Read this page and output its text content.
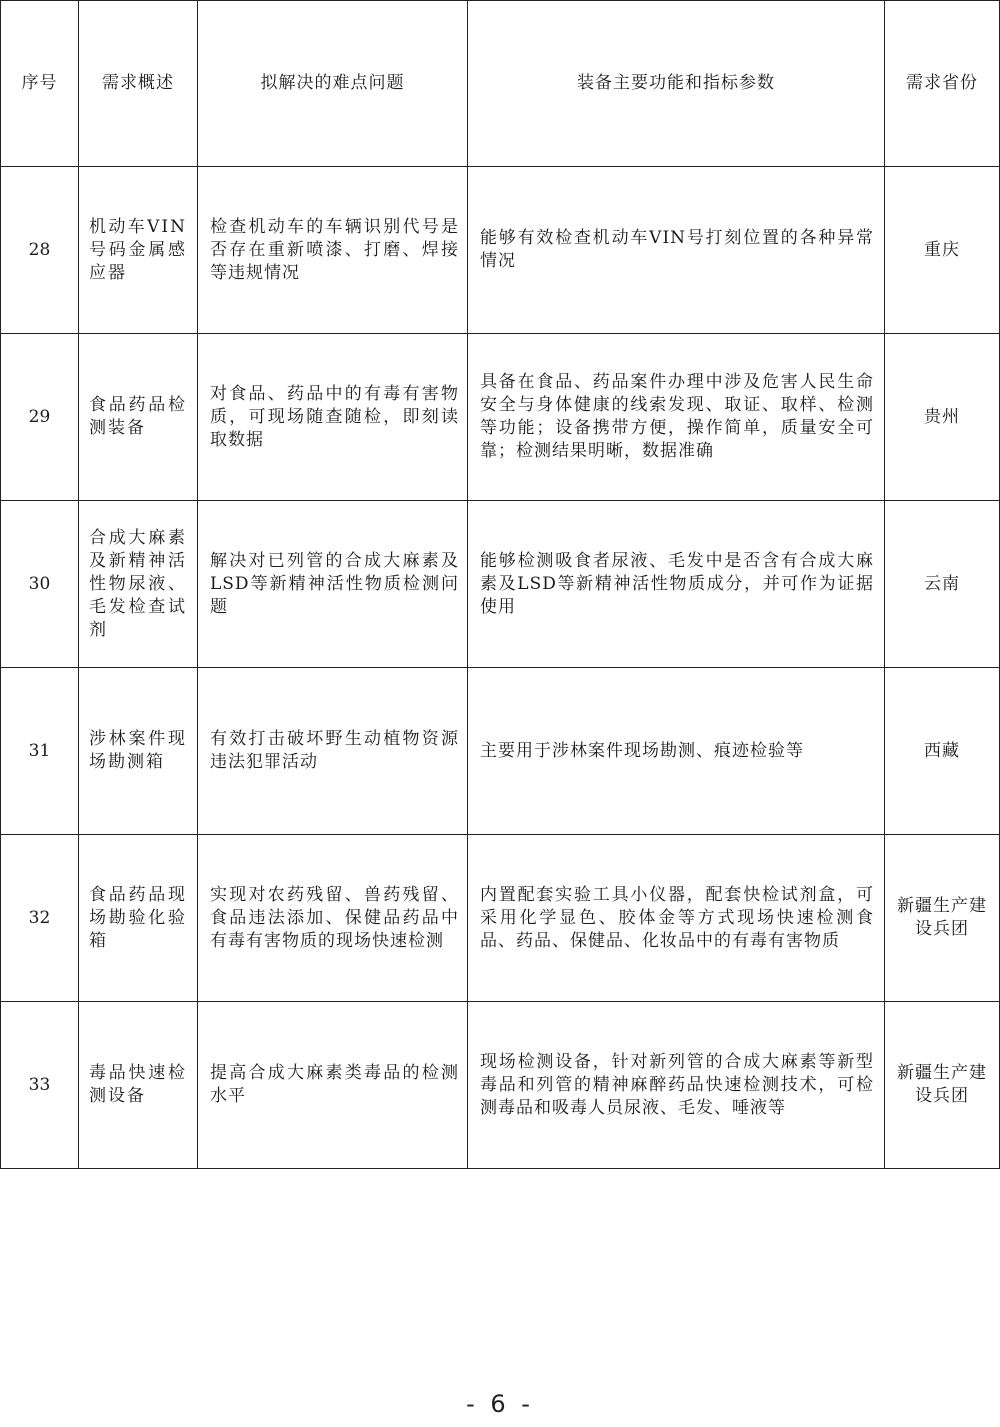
序号	需求概述	拟解决的难点问题	装备主要功能和指标参数	需求省份
28	机动车VIN号码金属感应器	检查机动车的车辆识别代号是否存在重新喷漆、打磨、焊接等违规情况	能够有效检查机动车VIN号打刻位置的各种异常情况	重庆

29	食品药品检测装备	对食品、药品中的有毒有害物质，可现场随查随检，即刻读取数据	具备在食品、药品案件办理中涉及危害人民生命安全与身体健康的线索发现、取证、取样、检测等功能；设备携带方便，操作简单，质量安全可靠；检测结果明晰，数据准确	贵州

30	合成大麻素及新精神活性物尿液、毛发检查试剂	解决对已列管的合成大麻素及LSD等新精神活性物质检测问题	能够检测吸食者尿液、毛发中是否含有合成大麻素及LSD等新精神活性物质成分，并可作为证据使用	云南

31	涉林案件现场勘测箱	有效打击破坏野生动植物资源违法犯罪活动	主要用于涉林案件现场勘测、痕迹检验等	西藏

32	食品药品现场勘验化验箱	实现对农药残留、兽药残留、食品违法添加、保健品药品中有毒有害物质的现场快速检测	内置配套实验工具小仪器，配套快检试剂盒，可采用化学显色、胶体金等方式现场快速检测食品、药品、保健品、化妆品中的有毒有害物质	新疆生产建设兵团

33	毒品快速检测设备	提高合成大麻素类毒品的检测水平	现场检测设备，针对新列管的合成大麻素等新型毒品和列管的精神麻醉药品快速检测技术，可检测毒品和吸毒人员尿液、毛发、唾液等	新疆生产建设兵团
- 6 -
